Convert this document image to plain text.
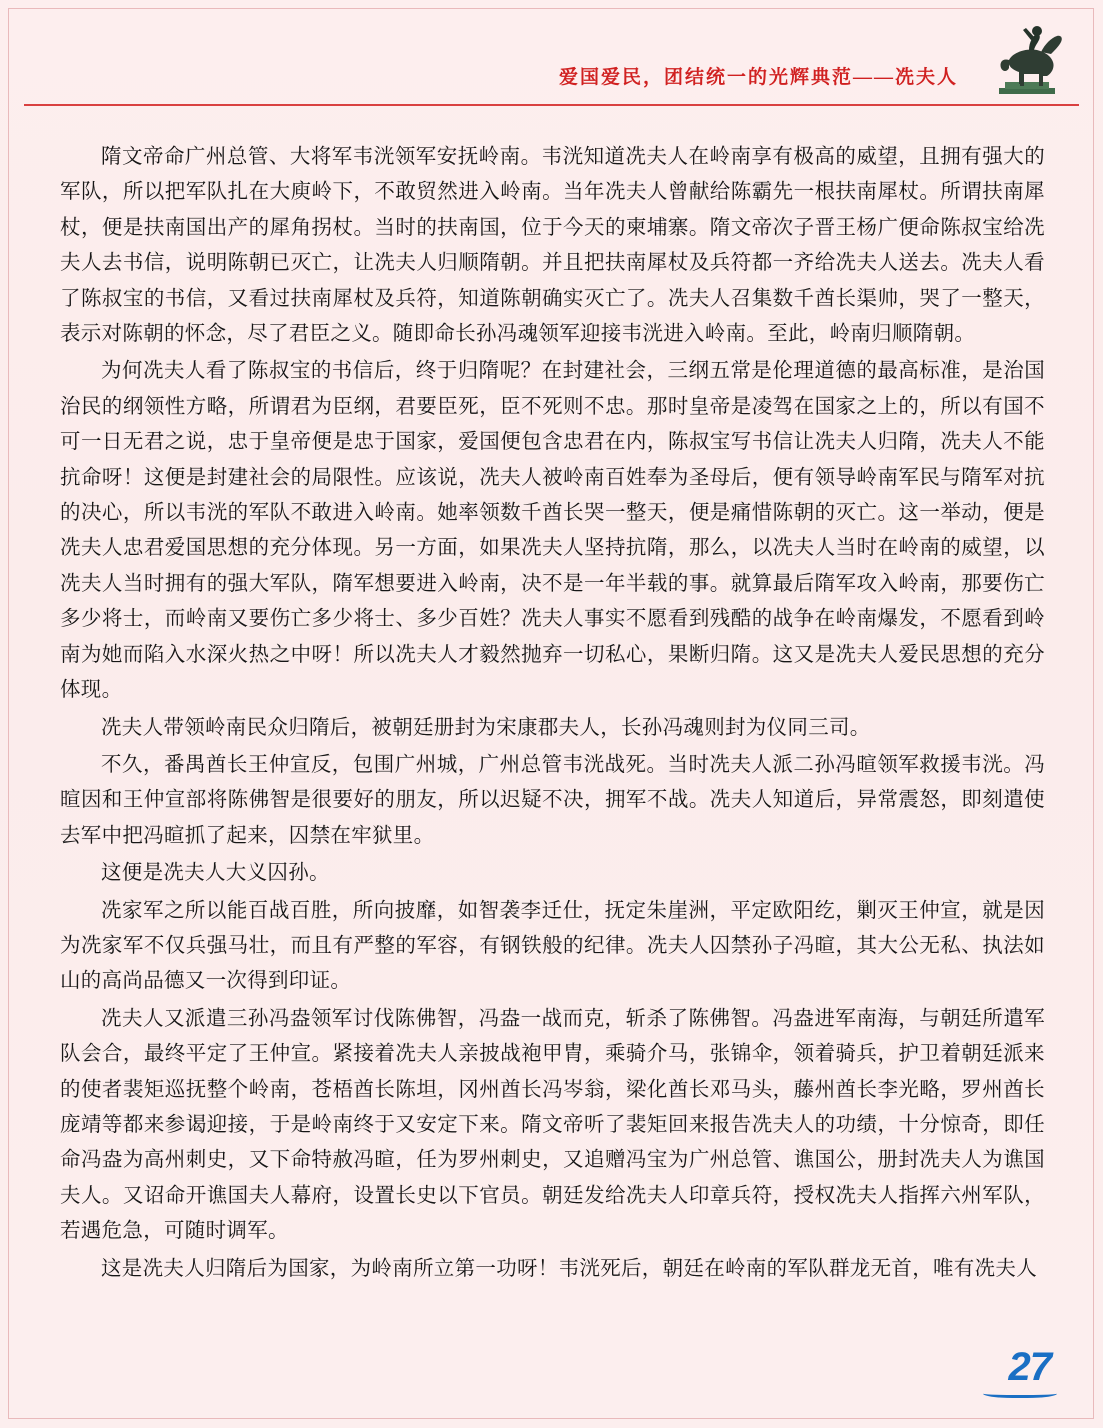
爱国爱民，团结统一的光辉典范——冼夫人

隋文帝命广州总管、大将军韦洸领军安抚岭南。韦洸知道冼夫人在岭南享有极高的威望，且拥有强大的军队，所以把军队扎在大庾岭下，不敢贸然进入岭南。当年冼夫人曾献给陈霸先一根扶南犀杖。所谓扶南犀杖，便是扶南国出产的犀角拐杖。当时的扶南国，位于今天的柬埔寨。隋文帝次子晋王杨广便命陈叔宝给冼夫人去书信，说明陈朝已灭亡，让冼夫人归顺隋朝。并且把扶南犀杖及兵符都一齐给冼夫人送去。冼夫人看了陈叔宝的书信，又看过扶南犀杖及兵符，知道陈朝确实灭亡了。冼夫人召集数千酋长渠帅，哭了一整天，表示对陈朝的怀念，尽了君臣之义。随即命长孙冯魂领军迎接韦洸进入岭南。至此，岭南归顺隋朝。

为何冼夫人看了陈叔宝的书信后，终于归隋呢？在封建社会，三纲五常是伦理道德的最高标准，是治国治民的纲领性方略，所谓君为臣纲，君要臣死，臣不死则不忠。那时皇帝是凌驾在国家之上的，所以有国不可一日无君之说，忠于皇帝便是忠于国家，爱国便包含忠君在内，陈叔宝写书信让冼夫人归隋，冼夫人不能抗命呀！这便是封建社会的局限性。应该说，冼夫人被岭南百姓奉为圣母后，便有领导岭南军民与隋军对抗的决心，所以韦洸的军队不敢进入岭南。她率领数千酋长哭一整天，便是痛惜陈朝的灭亡。这一举动，便是冼夫人忠君爱国思想的充分体现。另一方面，如果冼夫人坚持抗隋，那么，以冼夫人当时在岭南的威望，以冼夫人当时拥有的强大军队，隋军想要进入岭南，决不是一年半载的事。就算最后隋军攻入岭南，那要伤亡多少将士，而岭南又要伤亡多少将士、多少百姓？冼夫人事实不愿看到残酷的战争在岭南爆发，不愿看到岭南为她而陷入水深火热之中呀！所以冼夫人才毅然抛弃一切私心，果断归隋。这又是冼夫人爱民思想的充分体现。

冼夫人带领岭南民众归隋后，被朝廷册封为宋康郡夫人，长孙冯魂则封为仪同三司。

不久，番禺酋长王仲宣反，包围广州城，广州总管韦洸战死。当时冼夫人派二孙冯暄领军救援韦洸。冯暄因和王仲宣部将陈佛智是很要好的朋友，所以迟疑不决，拥军不战。冼夫人知道后，异常震怒，即刻遣使去军中把冯暄抓了起来，囚禁在牢狱里。

这便是冼夫人大义囚孙。

冼家军之所以能百战百胜，所向披靡，如智袭李迁仕，抚定朱崖洲，平定欧阳纥，剿灭王仲宣，就是因为冼家军不仅兵强马壮，而且有严整的军容，有钢铁般的纪律。冼夫人囚禁孙子冯暄，其大公无私、执法如山的高尚品德又一次得到印证。

冼夫人又派遣三孙冯盎领军讨伐陈佛智，冯盎一战而克，斩杀了陈佛智。冯盎进军南海，与朝廷所遣军队会合，最终平定了王仲宣。紧接着冼夫人亲披战袍甲胄，乘骑介马，张锦伞，领着骑兵，护卫着朝廷派来的使者裴矩巡抚整个岭南，苍梧酋长陈坦，冈州酋长冯岑翁，梁化酋长邓马头，藤州酋长李光略，罗州酋长庞靖等都来参谒迎接，于是岭南终于又安定下来。隋文帝听了裴矩回来报告冼夫人的功绩，十分惊奇，即任命冯盎为高州刺史，又下命特赦冯暄，任为罗州刺史，又追赠冯宝为广州总管、谯国公，册封冼夫人为谯国夫人。又诏命开谯国夫人幕府，设置长史以下官员。朝廷发给冼夫人印章兵符，授权冼夫人指挥六州军队，若遇危急，可随时调军。

这是冼夫人归隋后为国家，为岭南所立第一功呀！韦洸死后，朝廷在岭南的军队群龙无首，唯有冼夫人

27
